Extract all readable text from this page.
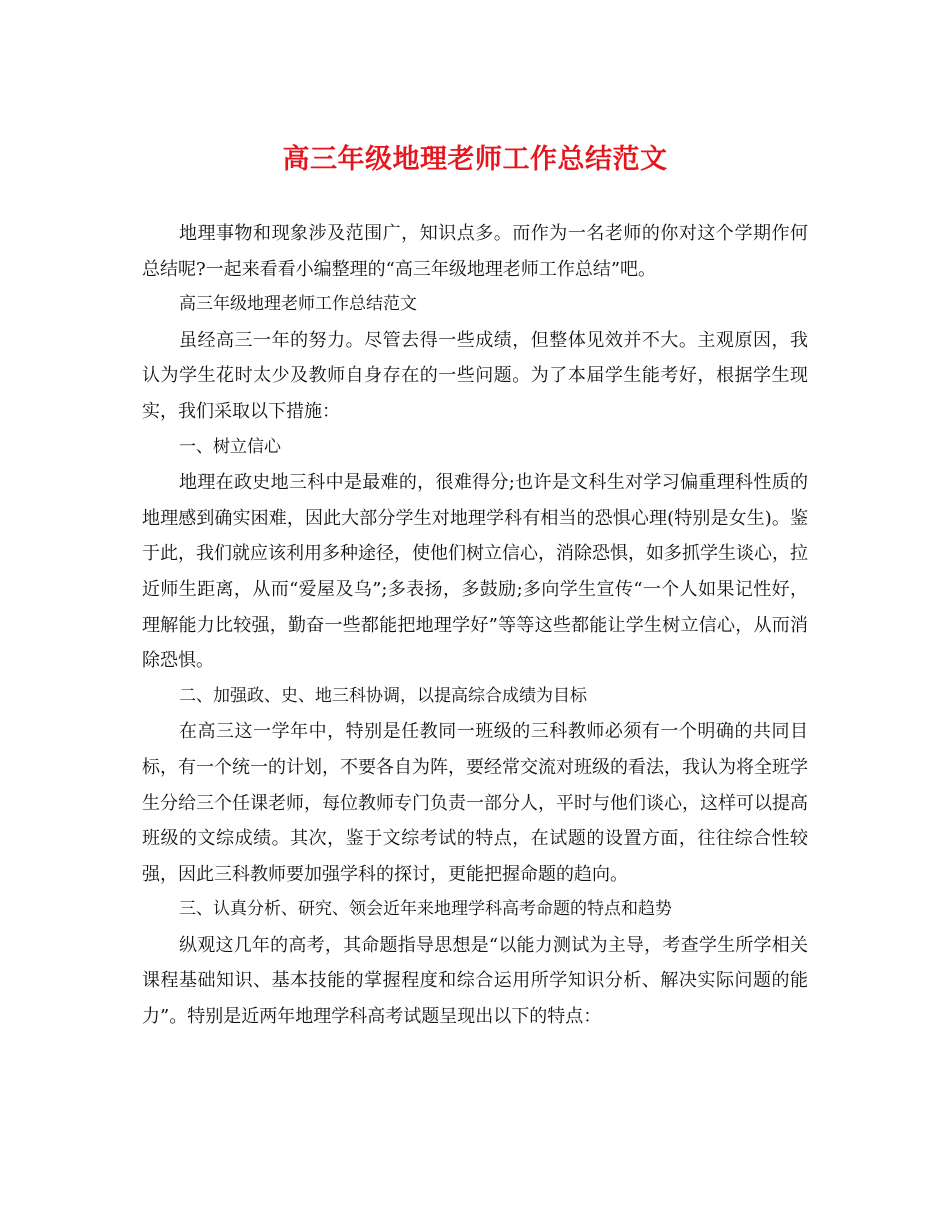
高三年级地理老师工作总结范文

地理事物和现象涉及范围广，知识点多。而作为一名老师的你对这个学期作何总结呢?一起来看看小编整理的“高三年级地理老师工作总结”吧。

高三年级地理老师工作总结范文

虽经高三一年的努力。尽管去得一些成绩，但整体见效并不大。主观原因，我认为学生花时太少及教师自身存在的一些问题。为了本届学生能考好，根据学生现实，我们采取以下措施：

一、树立信心

地理在政史地三科中是最难的，很难得分;也许是文科生对学习偏重理科性质的地理感到确实困难，因此大部分学生对地理学科有相当的恐惧心理(特别是女生)。鉴于此，我们就应该利用多种途径，使他们树立信心，消除恐惧，如多抓学生谈心，拉近师生距离，从而“爱屋及乌”;多表扬，多鼓励;多向学生宣传“一个人如果记性好，理解能力比较强，勤奋一些都能把地理学好”等等这些都能让学生树立信心，从而消除恐惧。

二、加强政、史、地三科协调，以提高综合成绩为目标

在高三这一学年中，特别是任教同一班级的三科教师必须有一个明确的共同目标，有一个统一的计划，不要各自为阵，要经常交流对班级的看法，我认为将全班学生分给三个任课老师，每位教师专门负责一部分人，平时与他们谈心，这样可以提高班级的文综成绩。其次，鉴于文综考试的特点，在试题的设置方面，往往综合性较强，因此三科教师要加强学科的探讨，更能把握命题的趋向。

三、认真分析、研究、领会近年来地理学科高考命题的特点和趋势

纵观这几年的高考，其命题指导思想是“以能力测试为主导，考查学生所学相关课程基础知识、基本技能的掌握程度和综合运用所学知识分析、解决实际问题的能力”。特别是近两年地理学科高考试题呈现出以下的特点：
